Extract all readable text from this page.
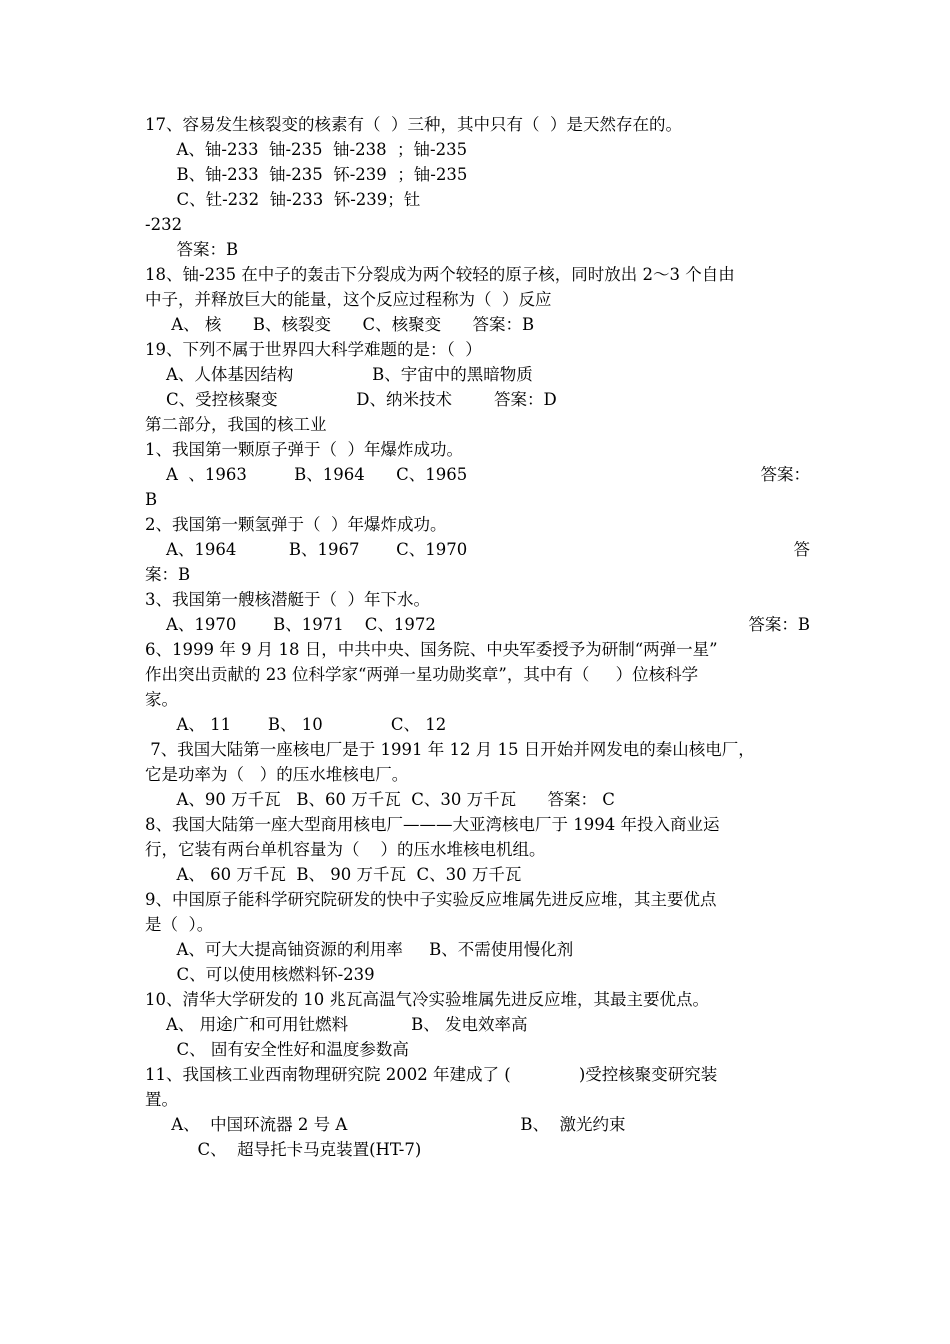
17、容易发生核裂变的核素有（  ）三种，其中只有（  ）是天然存在的。
A、铀-233  铀-235  铀-238  ；铀-235
B、铀-233  铀-235  钚-239  ；铀-235
C、钍-232  铀-233  钚-239；钍
-232
答案：B
18、铀-235 在中子的轰击下分裂成为两个较轻的原子核，同时放出 2～3 个自由
中子，并释放巨大的能量，这个反应过程称为（  ）反应
A、 核      B、核裂变      C、核聚变      答案：B
19、下列不属于世界四大科学难题的是：（  ）
A、人体基因结构               B、宇宙中的黑暗物质
C、受控核聚变               D、纳米技术        答案：D
第二部分，我国的核工业
1、我国第一颗原子弹于（  ）年爆炸成功。
A  、1963         B、1964      C、1965	答案：
B
2、我国第一颗氢弹于（  ）年爆炸成功。
A、1964          B、1967       C、1970	答
案：B
3、我国第一艘核潜艇于（  ）年下水。
A、1970       B、1971    C、1972	答案：B
6、1999 年 9 月 18 日，中共中央、国务院、中央军委授予为研制“两弹一星”
作出突出贡献的 23 位科学家“两弹一星功勋奖章”，其中有（     ）位核科学
家。
A、 11       B、 10             C、 12
7、我国大陆第一座核电厂是于 1991 年 12 月 15 日开始并网发电的秦山核电厂，
它是功率为（   ）的压水堆核电厂。
A、90 万千瓦   B、60 万千瓦  C、30 万千瓦      答案： C
8、我国大陆第一座大型商用核电厂———大亚湾核电厂于 1994 年投入商业运
行，它装有两台单机容量为（    ）的压水堆核电机组。
A、 60 万千瓦  B、 90 万千瓦  C、30 万千瓦
9、中国原子能科学研究院研发的快中子实验反应堆属先进反应堆，其主要优点
是（  ）。
A、可大大提高铀资源的利用率     B、不需使用慢化剂
C、可以使用核燃料钚-239
10、清华大学研发的 10 兆瓦高温气冷实验堆属先进反应堆，其最主要优点。
A、 用途广和可用钍燃料            B、 发电效率高
C、 固有安全性好和温度参数高
11、我国核工业西南物理研究院 2002 年建成了 (             )受控核聚变研究装
置。
A、  中国环流器 2 号 A                                 B、  激光约束
C、  超导托卡马克装置(HT-7)
